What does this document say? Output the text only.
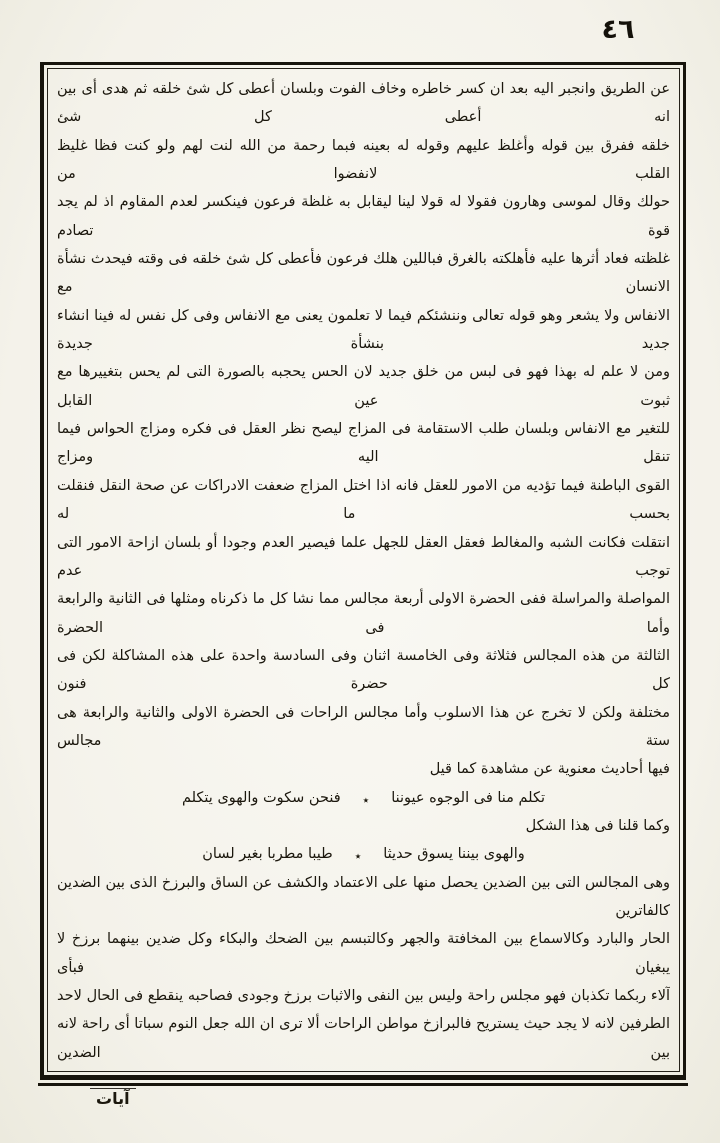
٤٦
عن الطريق وانجبر اليه بعد ان كسر خاطره وخاف الفوت وبلسان أعطى كل شئ خلقه ثم هدى أى بين انه أعطى كل شئ
خلقه ففرق بين قوله وأغلظ عليهم وقوله له بعينه فبما رحمة من الله لنت لهم ولو كنت فظا غليظ القلب لانفضوا من
حولك وقال لموسى وهارون فقولا له قولا لينا ليقابل به غلظة فرعون فينكسر لعدم المقاوم اذ لم يجد قوة تصادم
غلظته فعاد أثرها عليه فأهلكته بالغرق فباللين هلك فرعون فأعطى كل شئ خلقه فى وقته فيحدث نشأة الانسان مع
الانفاس ولا يشعر وهو قوله تعالى وننشئكم فيما لا تعلمون يعنى مع الانفاس وفى كل نفس له فينا انشاء جديد بنشأة جديدة
ومن لا علم له بهذا فهو فى لبس من خلق جديد لان الحس يحجبه بالصورة التى لم يحس بتغييرها مع ثبوت عين القابل
للتغير مع الانفاس وبلسان طلب الاستقامة فى المزاج ليصح نظر العقل فى فكره ومزاج الحواس فيما تنقل اليه ومزاج
القوى الباطنة فيما تؤديه من الامور للعقل فانه اذا اختل المزاج ضعفت الادراكات عن صحة النقل فنقلت بحسب ما له
انتقلت فكانت الشبه والمغالط فعقل العقل للجهل علما فيصير العدم وجودا أو بلسان ازاحة الامور التى توجب عدم
المواصلة والمراسلة ففى الحضرة الاولى أربعة مجالس مما نشا كل ما ذكرناه ومثلها فى الثانية والرابعة وأما فى الحضرة
الثالثة من هذه المجالس فثلاثة وفى الخامسة اثنان وفى السادسة واحدة على هذه المشاكلة لكن فى كل حضرة فنون
مختلفة ولكن لا تخرج عن هذا الاسلوب وأما مجالس الراحات فى الحضرة الاولى والثانية والرابعة هى ستة مجالس
فيها أحاديث معنوية عن مشاهدة كما قيل
تكلم منا فى الوجوه عيوننا
٭
فنحن سكوت والهوى يتكلم
وكما قلنا فى هذا الشكل
والهوى بيننا يسوق حديثا
٭
طيبا مطربا بغير لسان
وهى المجالس التى بين الضدين يحصل منها على الاعتماد والكشف عن الساق والبرزخ الذى بين الضدين كالفاترين
الحار والبارد وكالاسماع بين المخافتة والجهر وكالتبسم بين الضحك والبكاء وكل ضدين بينهما برزخ لا يبغيان فبأى
آلاء ربكما تكذبان فهو مجلس راحة وليس بين النفى والاثبات برزخ وجودى فصاحبه ينقطع فى الحال لاحد
الطرفين لانه لا يجد حيث يستريح فالبرازخ مواطن الراحات ألا ترى ان الله جعل النوم سباتا أى راحة لانه بين الضدين
آيات
